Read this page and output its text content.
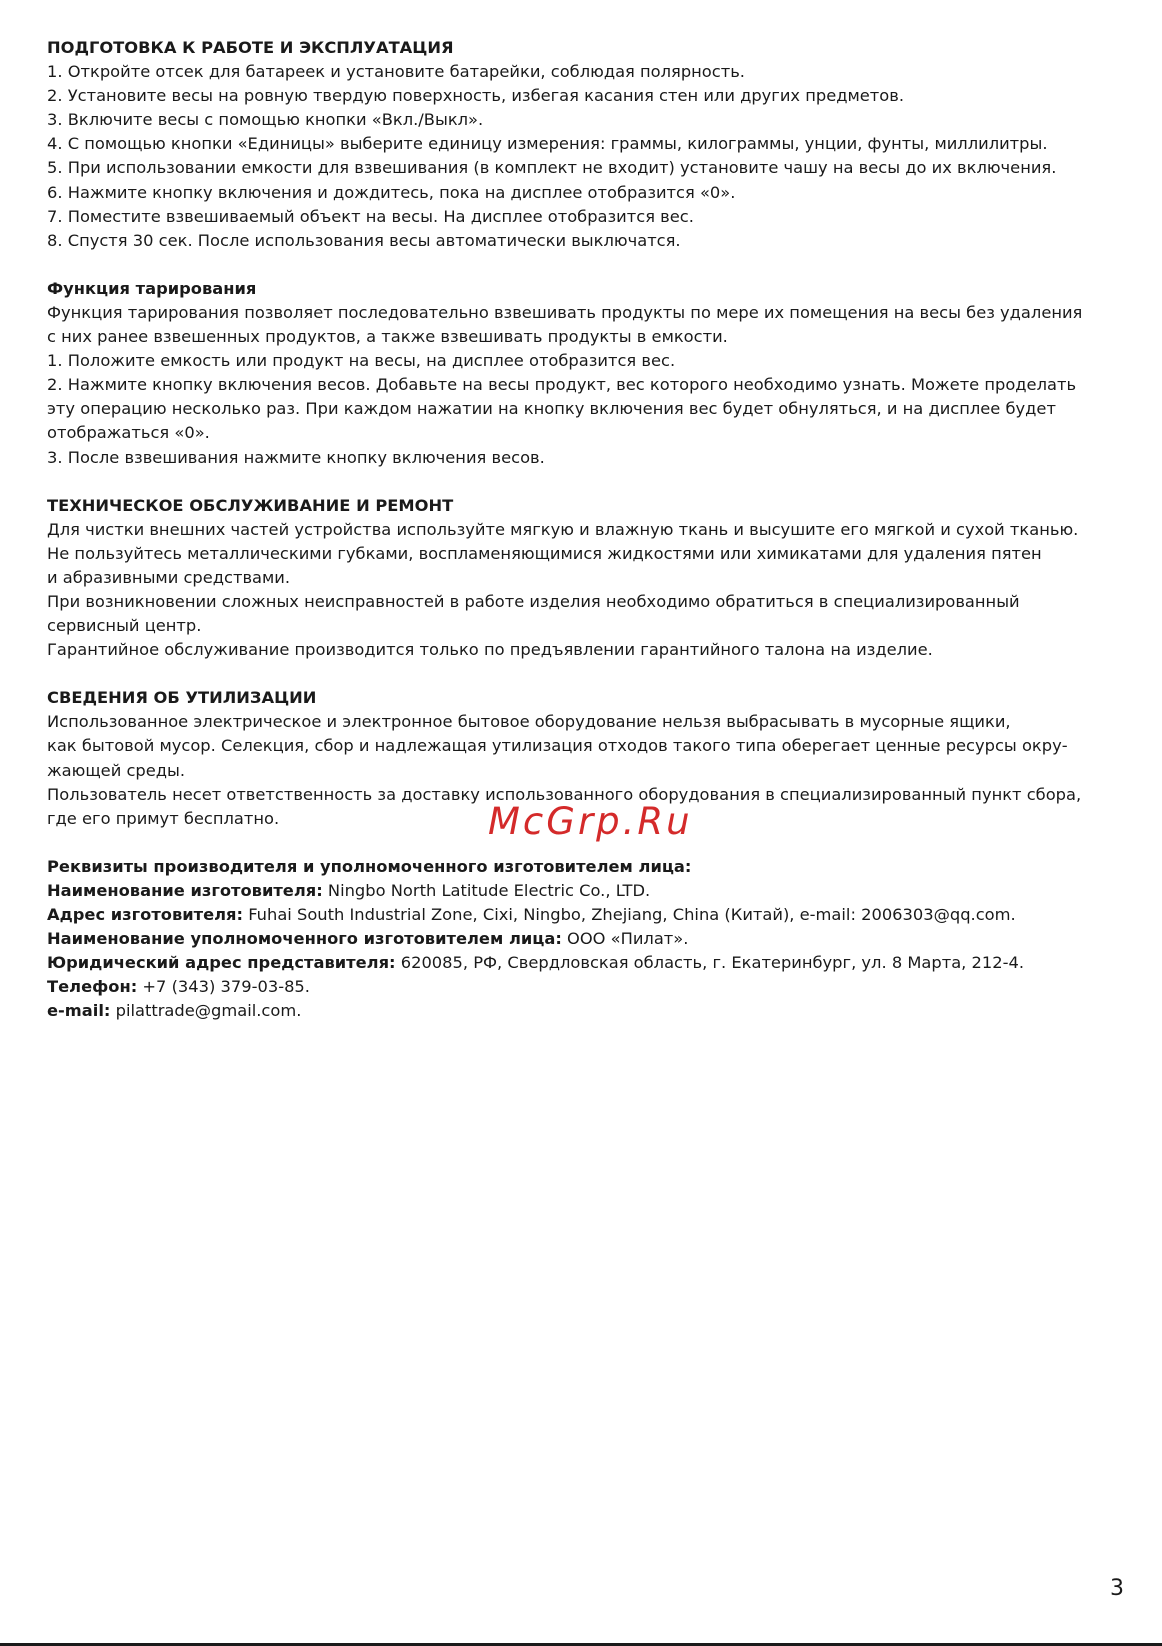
ПОДГОТОВКА К РАБОТЕ И ЭКСПЛУАТАЦИЯ
1. Откройте отсек для батареек и установите батарейки, соблюдая полярность.
2. Установите весы на ровную твердую поверхность, избегая касания стен или других предметов.
3. Включите весы с помощью кнопки «Вкл./Выкл».
4. С помощью кнопки «Единицы» выберите единицу измерения: граммы, килограммы, унции, фунты, миллилитры.
5. При использовании емкости для взвешивания (в комплект не входит) установите чашу на весы до их включения.
6. Нажмите кнопку включения и дождитесь, пока на дисплее отобразится «0».
7. Поместите взвешиваемый объект на весы. На дисплее отобразится вес.
8. Спустя 30 сек. После использования весы автоматически выключатся.
Функция тарирования
Функция тарирования позволяет последовательно взвешивать продукты по мере их помещения на весы без удаления
с них ранее взвешенных продуктов, а также взвешивать продукты в емкости.
1. Положите емкость или продукт на весы, на дисплее отобразится вес.
2. Нажмите кнопку включения весов. Добавьте на весы продукт, вес которого необходимо узнать. Можете проделать
эту операцию несколько раз. При каждом нажатии на кнопку включения вес будет обнуляться, и на дисплее будет
отображаться «0».
3. После взвешивания нажмите кнопку включения весов.
ТЕХНИЧЕСКОЕ ОБСЛУЖИВАНИЕ И РЕМОНТ
Для чистки внешних частей устройства используйте мягкую и влажную ткань и высушите его мягкой и сухой тканью.
Не пользуйтесь металлическими губками, воспламеняющимися жидкостями или химикатами для удаления пятен
и абразивными средствами.
При возникновении сложных неисправностей в работе изделия необходимо обратиться в специализированный
сервисный центр.
Гарантийное обслуживание производится только по предъявлении гарантийного талона на изделие.
СВЕДЕНИЯ ОБ УТИЛИЗАЦИИ
Использованное электрическое и электронное бытовое оборудование нельзя выбрасывать в мусорные ящики,
как бытовой мусор. Селекция, сбор и надлежащая утилизация отходов такого типа оберегает ценные ресурсы окру-
жающей среды.
Пользователь несет ответственность за доставку использованного оборудования в специализированный пункт сбора,
где его примут бесплатно.
Реквизиты производителя и уполномоченного изготовителем лица:
Наименование изготовителя: Ningbo North Latitude Electric Co., LTD.
Адрес изготовителя: Fuhai South Industrial Zone, Cixi, Ningbo, Zhejiang, China (Китай), e-mail: 2006303@qq.com.
Наименование уполномоченного изготовителем лица: ООО «Пилат».
Юридический адрес представителя: 620085, РФ, Свердловская область, г. Екатеринбург, ул. 8 Марта, 212-4.
Телефон: +7 (343) 379-03-85.
e-mail: pilattrade@gmail.com.
McGrp.Ru
3
